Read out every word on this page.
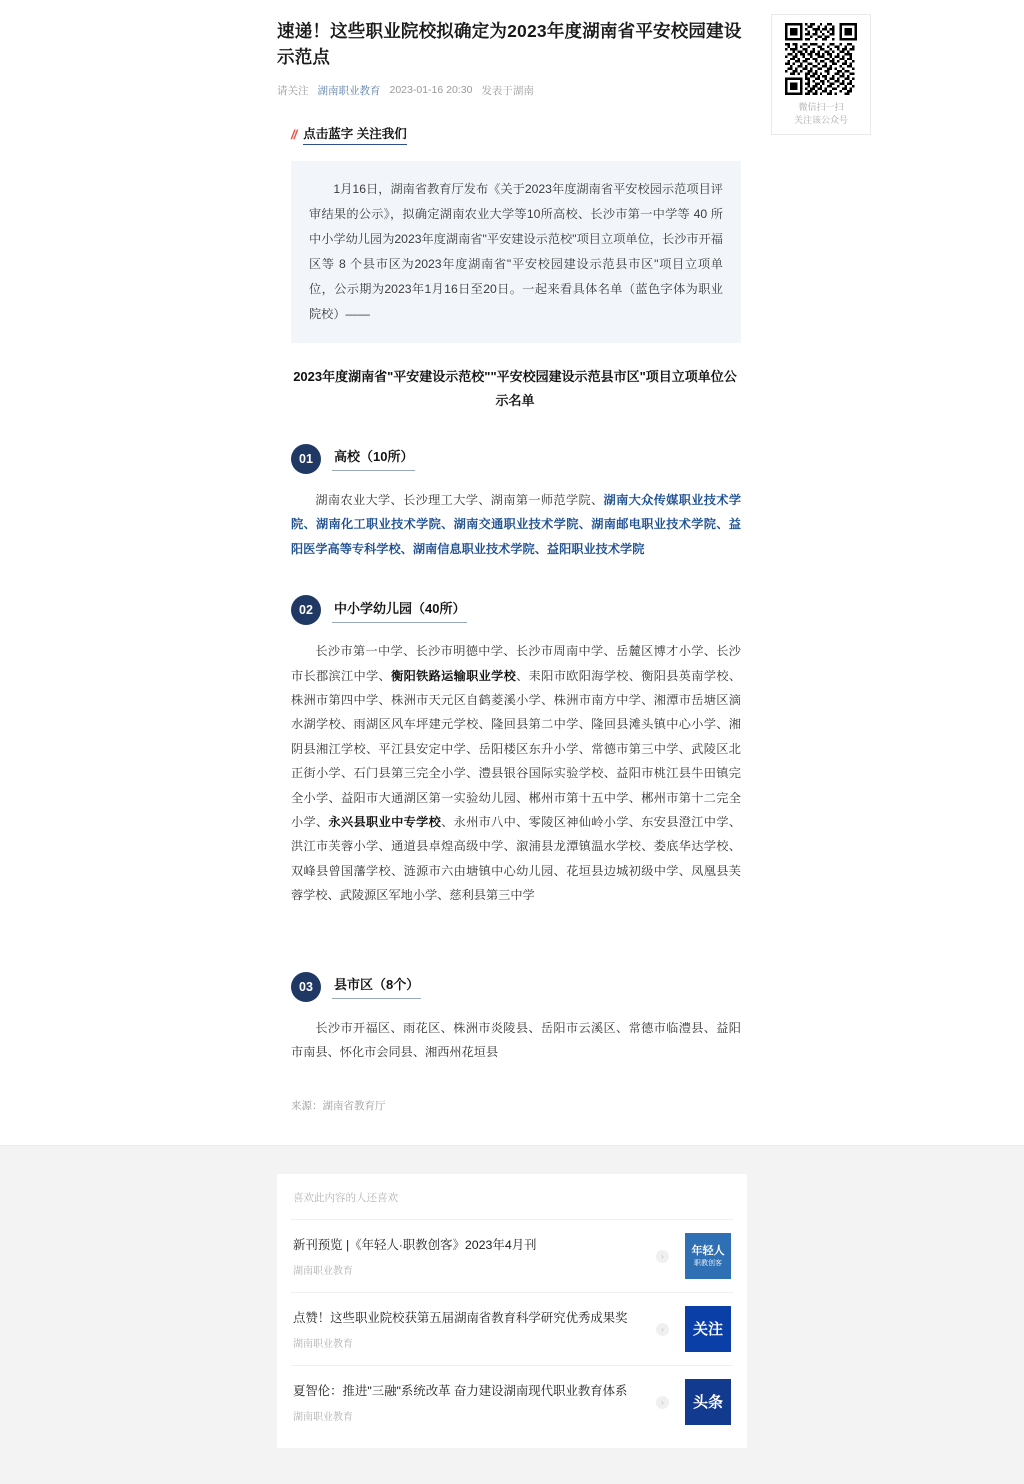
微信扫一扫
关注该公众号
速递！这些职业院校拟确定为2023年度湖南省平安校园建设示范点
请关注 湖南职业教育 2023-01-16 20:30 发表于湖南
// 点击蓝字 关注我们

1月16日，湖南省教育厅发布《关于2023年度湖南省平安校园示范项目评审结果的公示》，拟确定湖南农业大学等10所高校、长沙市第一中学等 40 所中小学幼儿园为2023年度湖南省"平安建设示范校"项目立项单位，长沙市开福区等 8 个县市区为2023年度湖南省"平安校园建设示范县市区"项目立项单位，公示期为2023年1月16日至20日。一起来看具体名单（蓝色字体为职业院校）——

2023年度湖南省"平安建设示范校""平安校园建设示范县市区"项目立项单位公示名单
01	高校（10所）
湖南农业大学、长沙理工大学、湖南第一师范学院、湖南大众传媒职业技术学院、湖南化工职业技术学院、湖南交通职业技术学院、湖南邮电职业技术学院、益阳医学高等专科学校、湖南信息职业技术学院、益阳职业技术学院
02	中小学幼儿园（40所）
长沙市第一中学、长沙市明德中学、长沙市周南中学、岳麓区博才小学、长沙市长郡滨江中学、衡阳铁路运输职业学校、耒阳市欧阳海学校、衡阳县英南学校、株洲市第四中学、株洲市天元区自鹤菱溪小学、株洲市南方中学、湘潭市岳塘区滴水湖学校、雨湖区风车坪建元学校、隆回县第二中学、隆回县滩头镇中心小学、湘阴县湘江学校、平江县安定中学、岳阳楼区东升小学、常德市第三中学、武陵区北正街小学、石门县第三完全小学、澧县银谷国际实验学校、益阳市桃江县牛田镇完全小学、益阳市大通湖区第一实验幼儿园、郴州市第十五中学、郴州市第十二完全小学、永兴县职业中专学校、永州市八中、零陵区神仙岭小学、东安县澄江中学、洪江市芙蓉小学、通道县卓煌高级中学、溆浦县龙潭镇温水学校、娄底华达学校、双峰县曾国藩学校、涟源市六由塘镇中心幼儿园、花垣县边城初级中学、凤凰县芙蓉学校、武陵源区军地小学、慈利县第三中学
03	县市区（8个）
长沙市开福区、雨花区、株洲市炎陵县、岳阳市云溪区、常德市临澧县、益阳市南县、怀化市会同县、湘西州花垣县
来源：湖南省教育厅
喜欢此内容的人还喜欢
新刊预览 |《年轻人·职教创客》2023年4月刊
湖南职业教育
›	年轻人
职教创客
点赞！这些职业院校获第五届湖南省教育科学研究优秀成果奖
湖南职业教育
›	关注
夏智伦：推进"三融"系统改革 奋力建设湖南现代职业教育体系
湖南职业教育
›	头条
